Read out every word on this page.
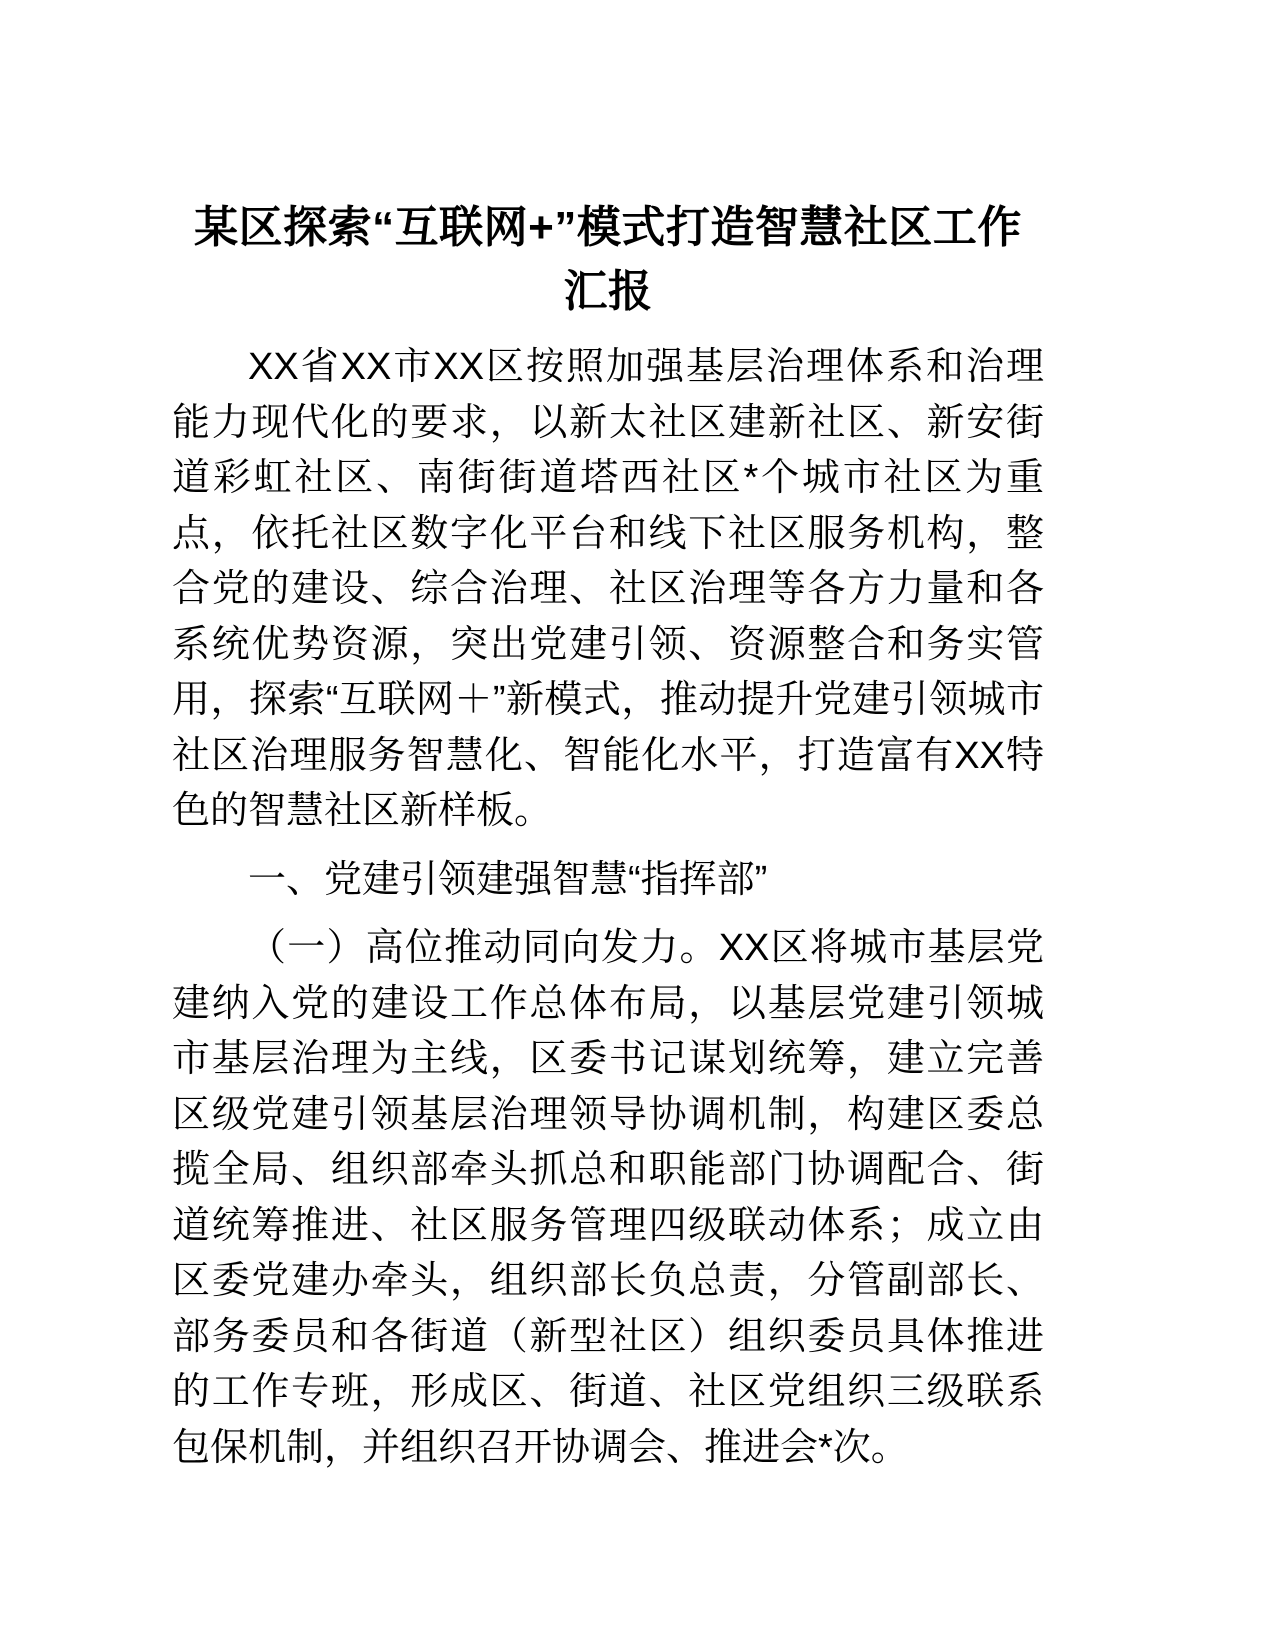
某区探索“互联网+”模式打造智慧社区工作汇报

XX省XX市XX区按照加强基层治理体系和治理能力现代化的要求，以新太社区建新社区、新安街道彩虹社区、南街街道塔西社区*个城市社区为重点，依托社区数字化平台和线下社区服务机构，整合党的建设、综合治理、社区治理等各方力量和各系统优势资源，突出党建引领、资源整合和务实管用，探索“互联网＋”新模式，推动提升党建引领城市社区治理服务智慧化、智能化水平，打造富有XX特色的智慧社区新样板。

一、党建引领建强智慧“指挥部”

（一）高位推动同向发力。XX区将城市基层党建纳入党的建设工作总体布局，以基层党建引领城市基层治理为主线，区委书记谋划统筹，建立完善区级党建引领基层治理领导协调机制，构建区委总揽全局、组织部牵头抓总和职能部门协调配合、街道统筹推进、社区服务管理四级联动体系；成立由区委党建办牵头，组织部长负总责，分管副部长、部务委员和各街道（新型社区）组织委员具体推进的工作专班，形成区、街道、社区党组织三级联系包保机制，并组织召开协调会、推进会*次。
